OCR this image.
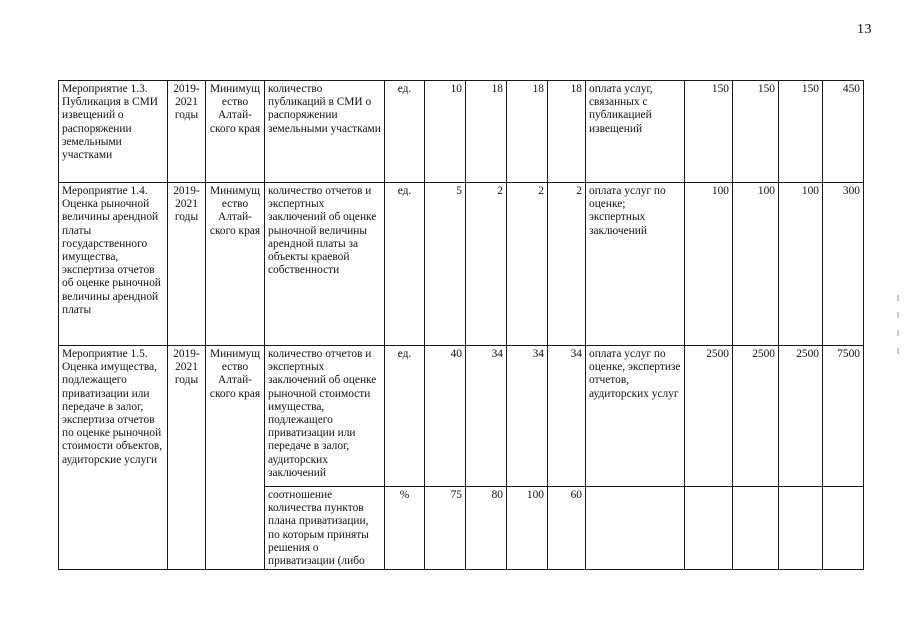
13
Мероприятие 1.3. Публикация в СМИ извещений о распоряжении земельными участками	2019-2021 годы	Минимущ ество Алтай-ского края	количество публикаций в СМИ о распоряжении земельными участками	ед.	10	18	18	18	оплата услуг, связанных с публикацией извещений	150	150	150	450
Мероприятие 1.4. Оценка рыночной величины арендной платы государственного имущества, экспертиза отчетов об оценке рыночной величины арендной платы	2019-2021 годы	Минимущ ество Алтай-ского края	количество отчетов и экспертных заключений об оценке рыночной величины арендной платы за объекты краевой собственности	ед.	5	2	2	2	оплата услуг по оценке; экспертных заключений	100	100	100	300
Мероприятие 1.5. Оценка имущества, подлежащего приватизации или передаче в залог, экспертиза отчетов по оценке рыночной стоимости объектов, аудиторские услуги	2019-2021 годы	Минимущ ество Алтай-ского края	количество отчетов и экспертных заключений об оценке рыночной стоимости имущества, подлежащего приватизации или передаче в залог, аудиторских заключений	ед.	40	34	34	34	оплата услуг по оценке, экспертизе отчетов, аудиторских услуг	2500	2500	2500	7500
			соотношение количества пунктов плана приватизации, по которым приняты решения о приватизации (либо	%	75	80	100	60					
